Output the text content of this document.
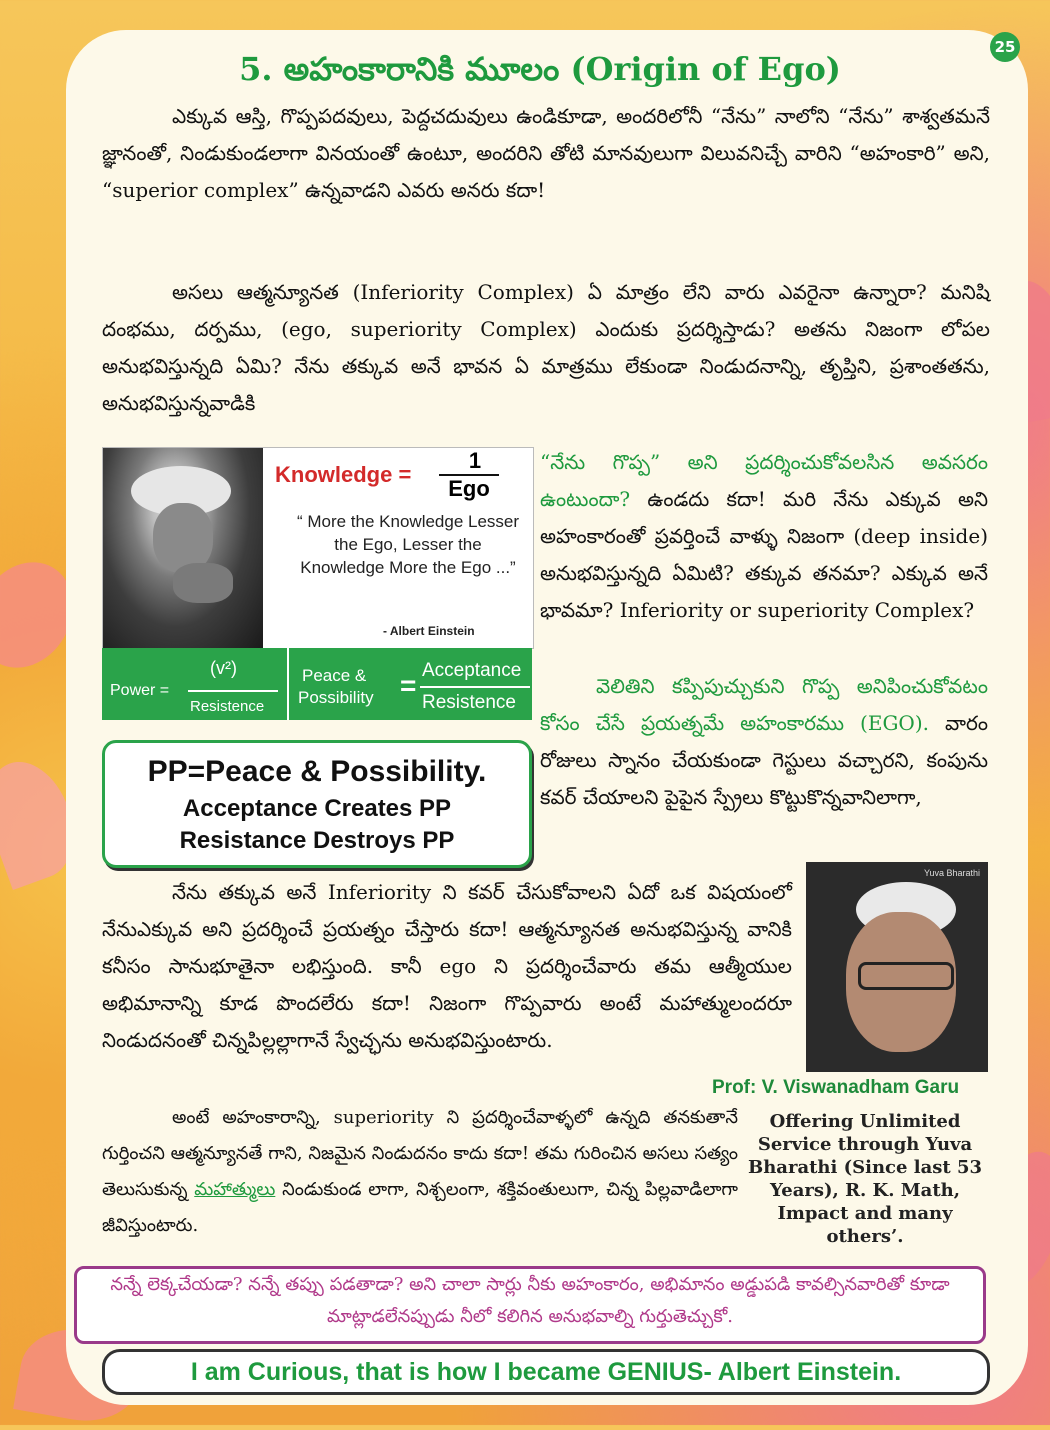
25
5. అహంకారానికి మూలం (Origin of Ego)
ఎక్కువ ఆస్తి, గొప్పపదవులు, పెద్దచదువులు ఉండికూడా, అందరిలోనీ “నేను” నాలోని “నేను” శాశ్వతమనే జ్ఞానంతో, నిండుకుండలాగా వినయంతో ఉంటూ, అందరిని తోటి మానవులుగా విలువనిచ్చే వారిని “అహంకారి” అని, “superior complex” ఉన్నవాడని ఎవరు అనరు కదా!
అసలు ఆత్మన్యూనత (Inferiority Complex) ఏ మాత్రం లేని వారు ఎవరైనా ఉన్నారా? మనిషి దంభము, దర్పము, (ego, superiority Complex) ఎందుకు ప్రదర్శిస్తాడు? అతను నిజంగా లోపల అనుభవిస్తున్నది ఏమి? నేను తక్కువ అనే భావన ఏ మాత్రము లేకుండా నిండుదనాన్ని, తృప్తిని, ప్రశాంతతను, అనుభవిస్తున్నవాడికి
Knowledge =
1
Ego
“ More the Knowledge Lesser the Ego, Lesser the Knowledge More the Ego ...”
- Albert Einstein
Power =
(v²)
Resistence
Peace &
Possibility = Acceptance
Resistence
PP=Peace & Possibility.
Acceptance Creates PP
Resistance Destroys PP
“నేను గొప్ప” అని ప్రదర్శించుకోవలసిన అవసరం ఉంటుందా? ఉండదు కదా! మరి నేను ఎక్కువ అని అహంకారంతో ప్రవర్తించే వాళ్ళు నిజంగా (deep inside) అనుభవిస్తున్నది ఏమిటి? తక్కువ తనమా? ఎక్కువ అనే భావమా? Inferiority or superiority Complex?
వెలితిని కప్పిపుచ్చుకుని గొప్ప అనిపించుకోవటం కోసం చేసే ప్రయత్నమే అహంకారము (EGO). వారం రోజులు స్నానం చేయకుండా గెస్టులు వచ్చారని, కంపును కవర్ చేయాలని పైపైన స్ప్రేలు కొట్టుకొన్నవానిలాగా,
నేను తక్కువ అనే Inferiority ని కవర్ చేసుకోవాలని ఏదో ఒక విషయంలో నేనుఎక్కువ అని ప్రదర్శించే ప్రయత్నం చేస్తారు కదా! ఆత్మన్యూనత అనుభవిస్తున్న వానికి కనీసం సానుభూతైనా లభిస్తుంది. కానీ ego ని ప్రదర్శించేవారు తమ ఆత్మీయుల అభిమానాన్ని కూడ పొందలేరు కదా! నిజంగా గొప్పవారు అంటే మహాత్ములందరూ నిండుదనంతో చిన్నపిల్లల్లాగానే స్వేచ్ఛను అనుభవిస్తుంటారు.
Yuva Bharathi
Prof: V. Viswanadham Garu
Offering Unlimited Service through Yuva Bharathi (Since last 53 Years), R. K. Math, Impact and many others’.
అంటే అహంకారాన్ని, superiority ని ప్రదర్శించేవాళ్ళలో ఉన్నది తనకుతానే గుర్తించని ఆత్మన్యూనతే గాని, నిజమైన నిండుదనం కాదు కదా! తమ గురించిన అసలు సత్యం తెలుసుకున్న మహాత్ములు నిండుకుండ లాగా, నిశ్చలంగా, శక్తివంతులుగా, చిన్న పిల్లవాడిలాగా జీవిస్తుంటారు.
నన్నే లెక్కచేయడా? నన్నే తప్పు పడతాడా? అని చాలా సార్లు నీకు అహంకారం, అభిమానం అడ్డుపడి కావల్సినవారితో కూడా మాట్లాడలేనప్పుడు నీలో కలిగిన అనుభవాల్ని గుర్తుతెచ్చుకో.
I am Curious, that is how I became GENIUS- Albert Einstein.
